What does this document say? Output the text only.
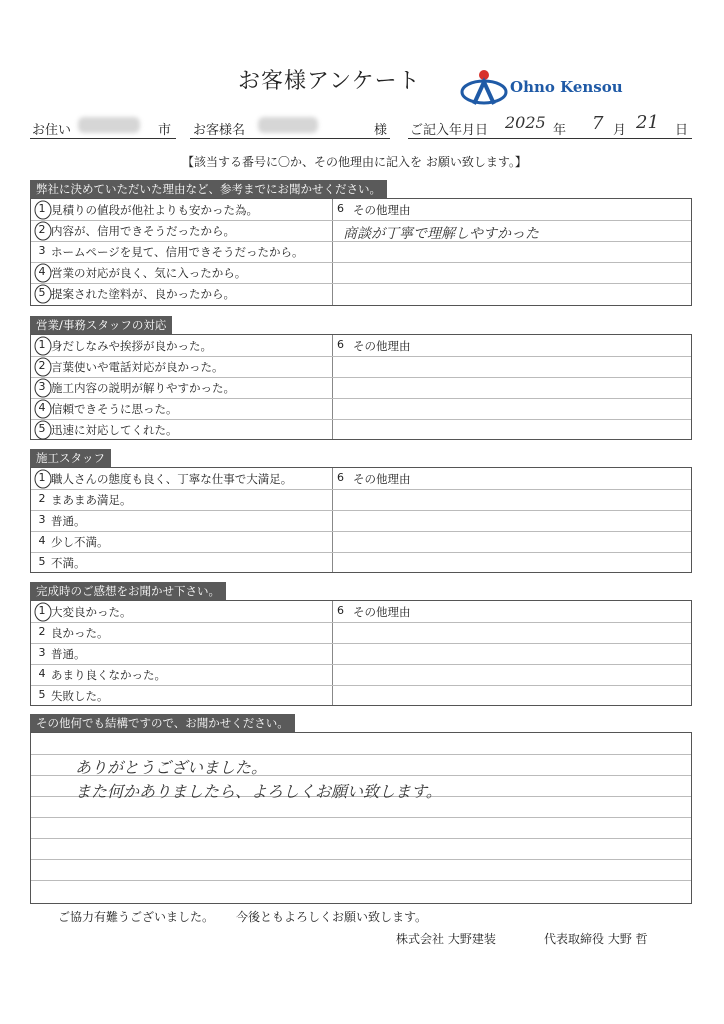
お客様アンケート	Ohno Kensou
お住い	市 お客様名	様 ご記入年月日 2025 年 7 月 21 日
【該当する番号に〇か、その他理由に記入を お願い致します。】
弊社に決めていただいた理由など、参考までにお聞かせください。
1 見積りの値段が他社よりも安かった為。
2 内容が、信用できそうだったから。
3 ホームページを見て、信用できそうだったから。
4 営業の対応が良く、気に入ったから。
5 提案された塗料が、良かったから。
6 その他理由
商談が丁寧で理解しやすかった
営業/事務スタッフの対応
1 身だしなみや挨拶が良かった。
2 言葉使いや電話対応が良かった。
3 施工内容の説明が解りやすかった。
4 信頼できそうに思った。
5 迅速に対応してくれた。
6 その他理由
施工スタッフ
1 職人さんの態度も良く、丁寧な仕事で大満足。
2 まあまあ満足。
3 普通。
4 少し不満。
5 不満。
6 その他理由
完成時のご感想をお聞かせ下さい。
1 大変良かった。
2 良かった。
3 普通。
4 あまり良くなかった。
5 失敗した。
6 その他理由
その他何でも結構ですので、お聞かせください。
ありがとうございました。
また何かありましたら、よろしくお願い致します。
ご協力有難うございました。 今後ともよろしくお願い致します。
株式会社 大野建装	代表取締役 大野 哲
